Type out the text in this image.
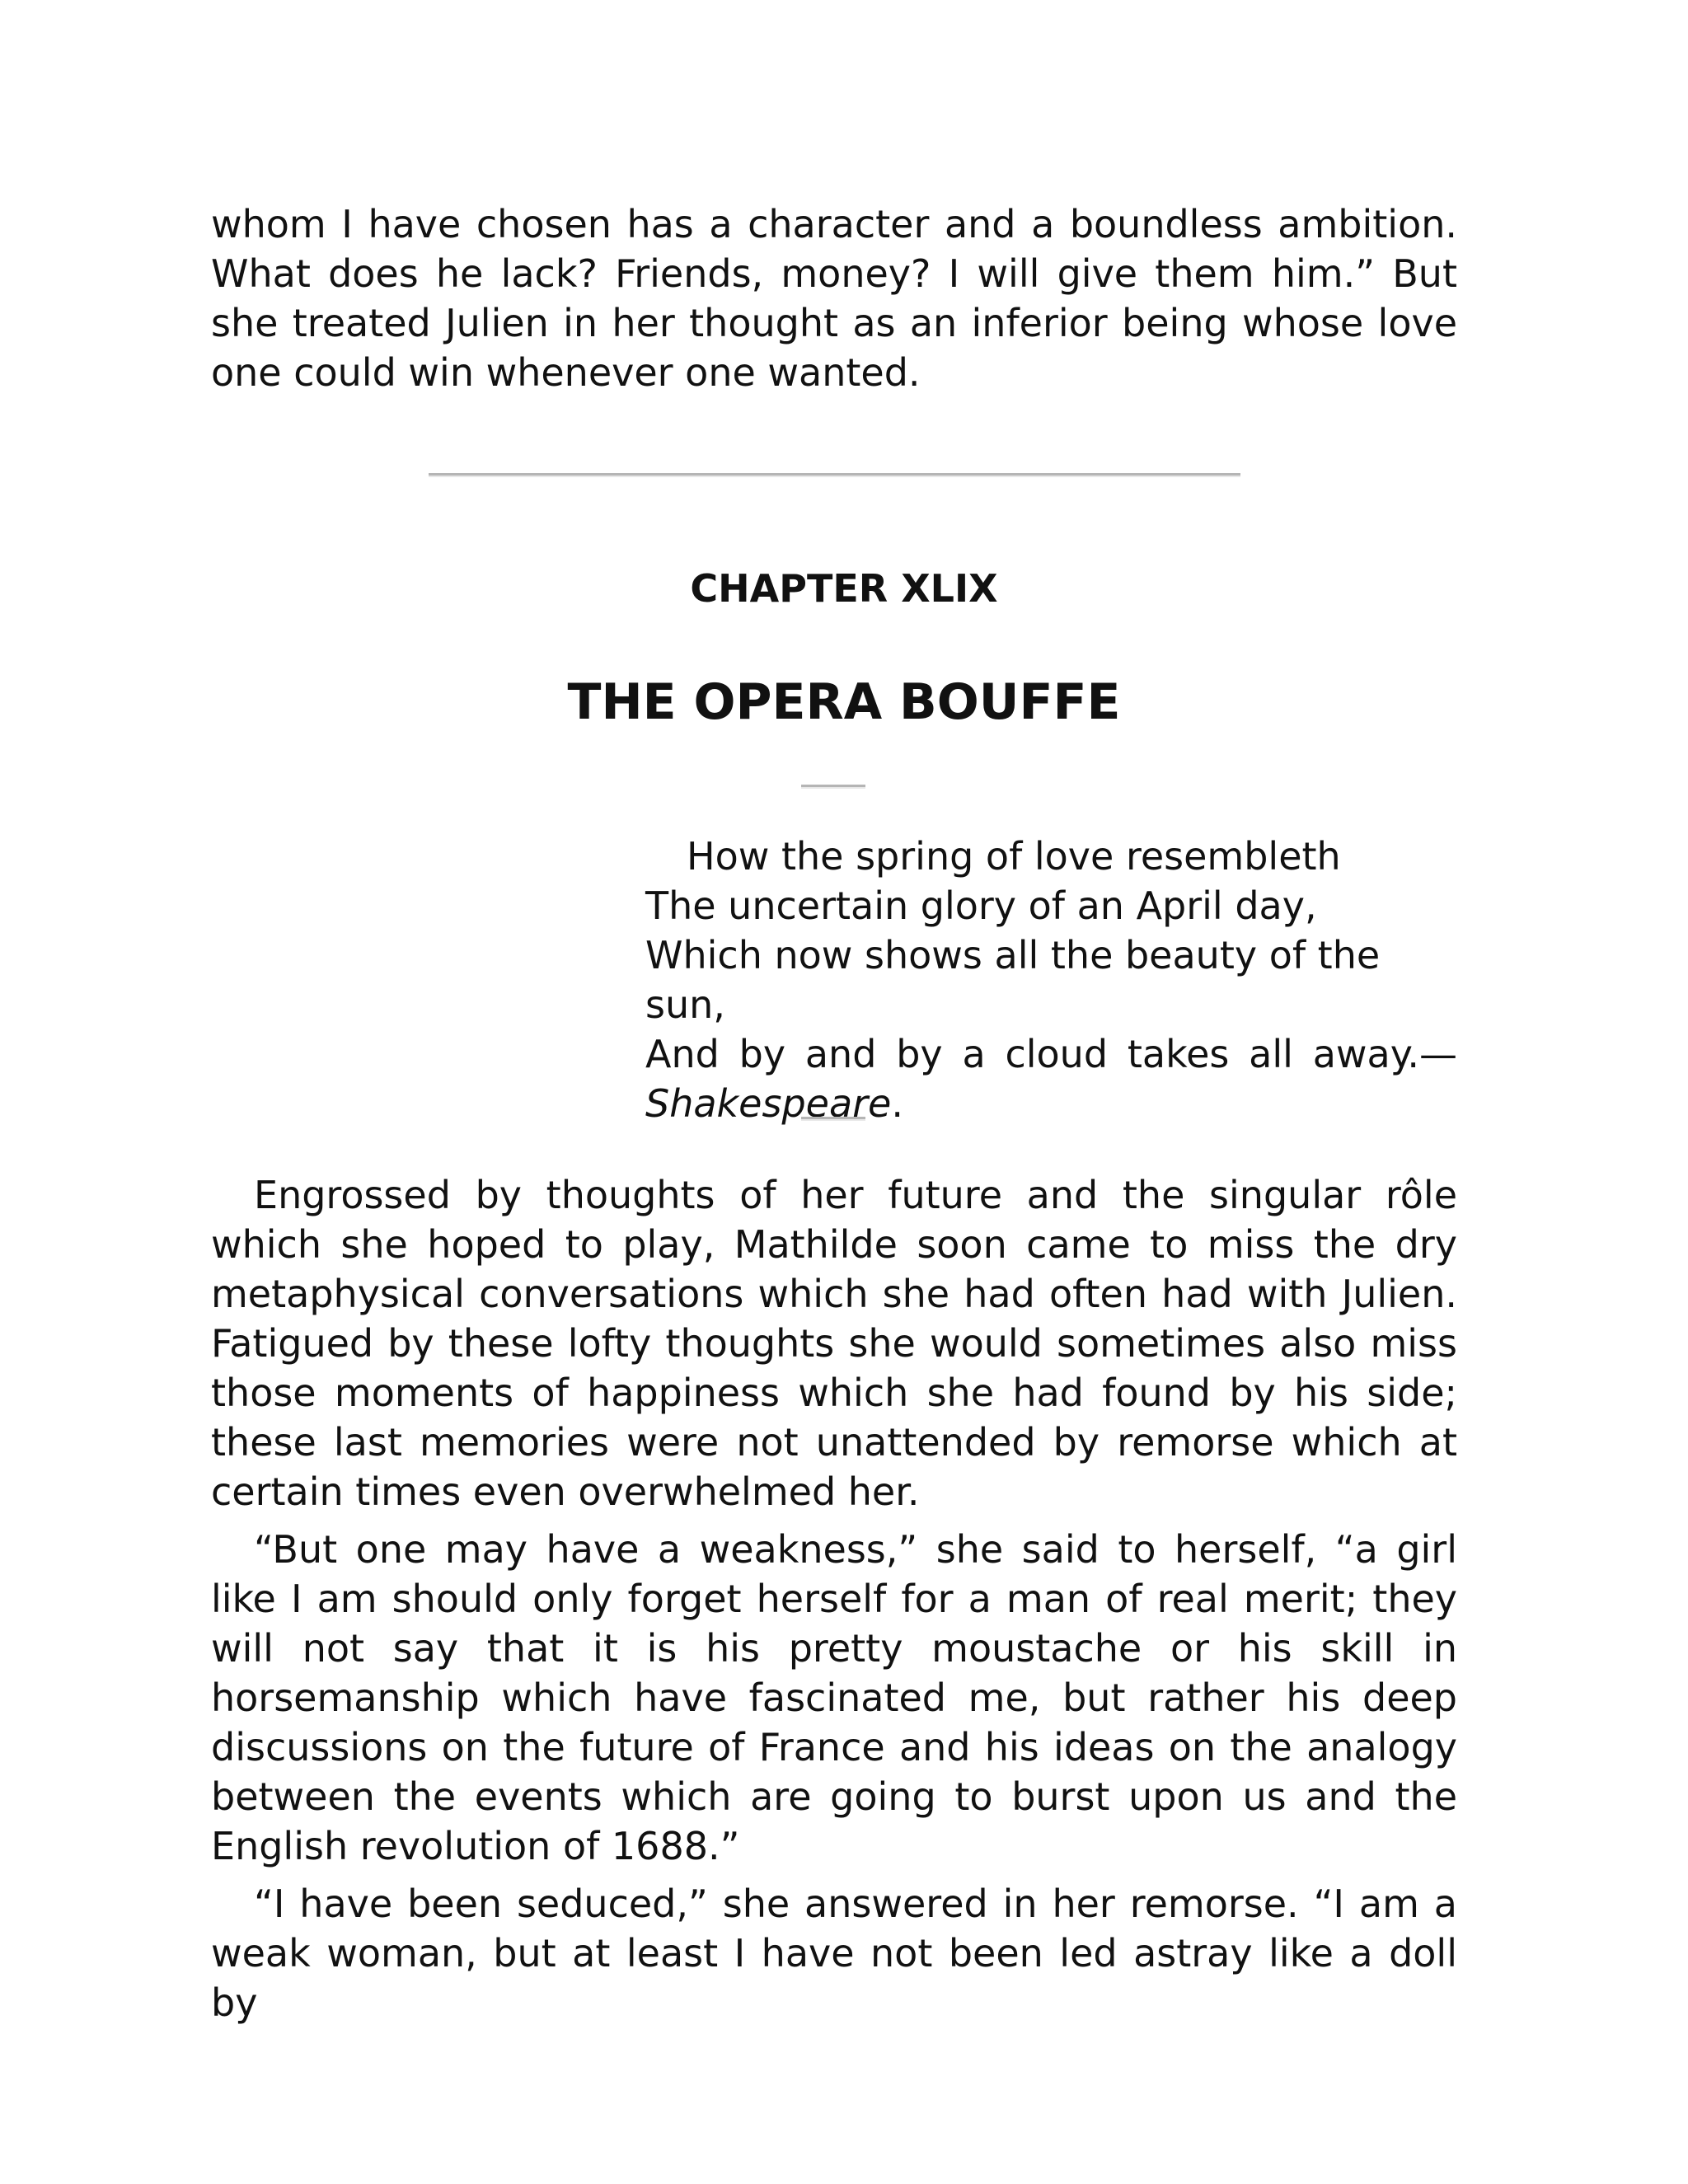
whom I have chosen has a character and a boundless ambition. What does he lack? Friends, money? I will give them him.” But she treated Julien in her thought as an inferior being whose love one could win whenever one wanted.

CHAPTER XLIX
THE OPERA BOUFFE
How the spring of love resembleth
The uncertain glory of an April day,
Which now shows all the beauty of the sun,
And by and by a cloud takes all away.—
Shakespeare.

Engrossed by thoughts of her future and the singular rôle which she hoped to play, Mathilde soon came to miss the dry metaphysical conversations which she had often had with Julien. Fatigued by these lofty thoughts she would sometimes also miss those moments of happiness which she had found by his side; these last memories were not unattended by remorse which at certain times even overwhelmed her.

“But one may have a weakness,” she said to herself, “a girl like I am should only forget herself for a man of real merit; they will not say that it is his pretty moustache or his skill in horsemanship which have fascinated me, but rather his deep discussions on the future of France and his ideas on the analogy between the events which are going to burst upon us and the English revolution of 1688.”

“I have been seduced,” she answered in her remorse. “I am a weak woman, but at least I have not been led astray like a doll by
